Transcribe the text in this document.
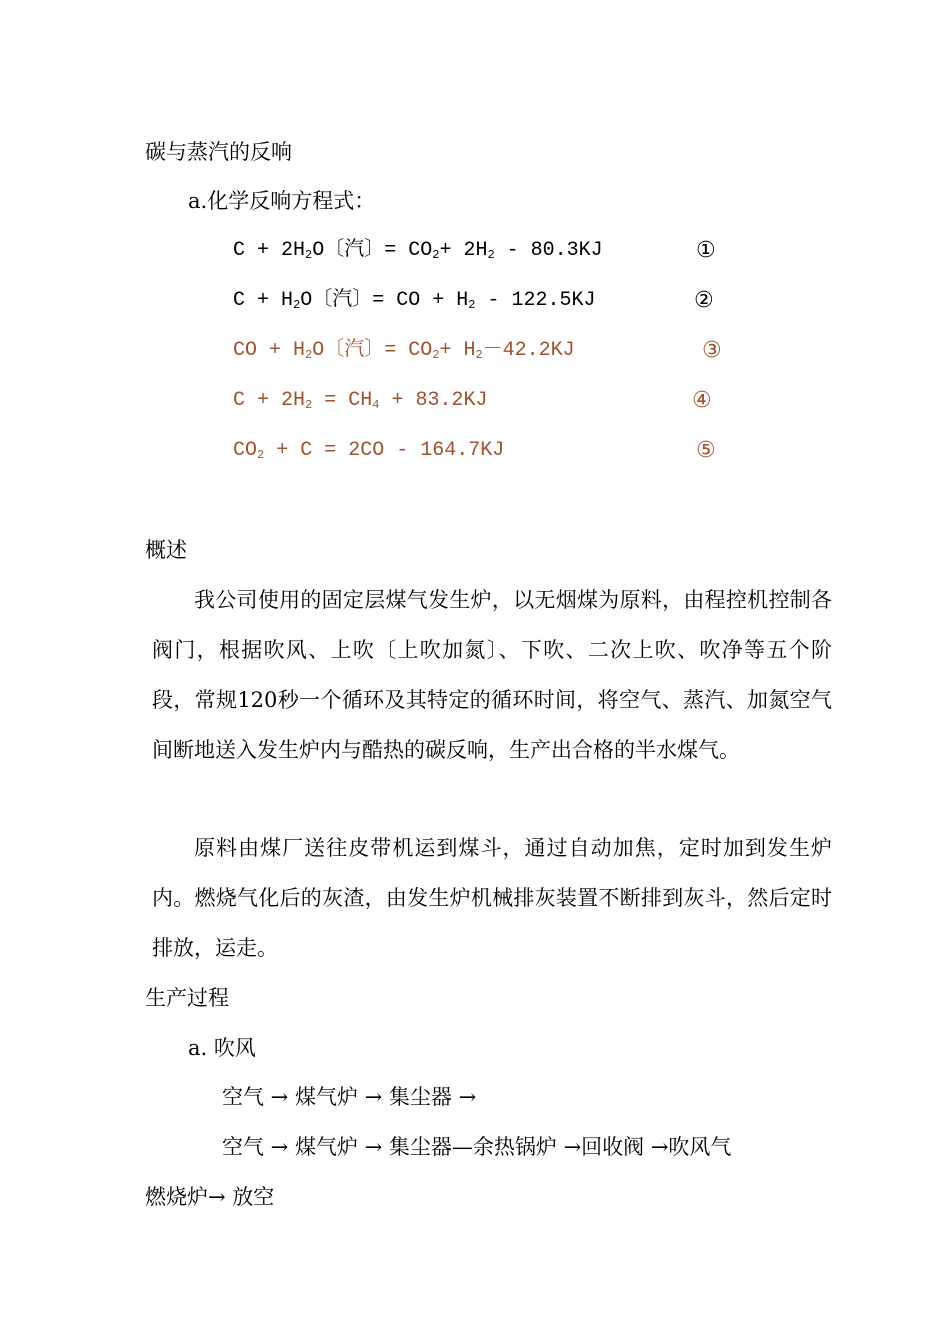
碳与蒸汽的反响
a.化学反响方程式：
$C + 2H_2O$〔汽〕= $CO_2+ 2H_2 - 80.3KJ$	①
$C + H_2O$〔汽〕= CO + $H_2 - 122.5KJ$	②
CO + $H_2O$〔汽〕= $CO_2+ H_2-42.2KJ$	③
$C + 2H_2 = CH_4 + 83.2KJ$	④
$CO_2 + C = 2CO - 164.7KJ$	⑤
概述
我公司使用的固定层煤气发生炉，以无烟煤为原料，由程控机控制各阀门，根据吹风、上吹〔上吹加氮〕、下吹、二次上吹、吹净等五个阶段，常规120秒一个循环及其特定的循环时间，将空气、蒸汽、加氮空气间断地送入发生炉内与酷热的碳反响，生产出合格的半水煤气。
原料由煤厂送往皮带机运到煤斗，通过自动加焦，定时加到发生炉内。燃烧气化后的灰渣，由发生炉机械排灰装置不断排到灰斗，然后定时排放，运走。
生产过程
a. 吹风
空气 → 煤气炉 → 集尘器 →
空气 → 煤气炉 → 集尘器—余热锅炉 →回收阀 →吹风气
燃烧炉→ 放空
